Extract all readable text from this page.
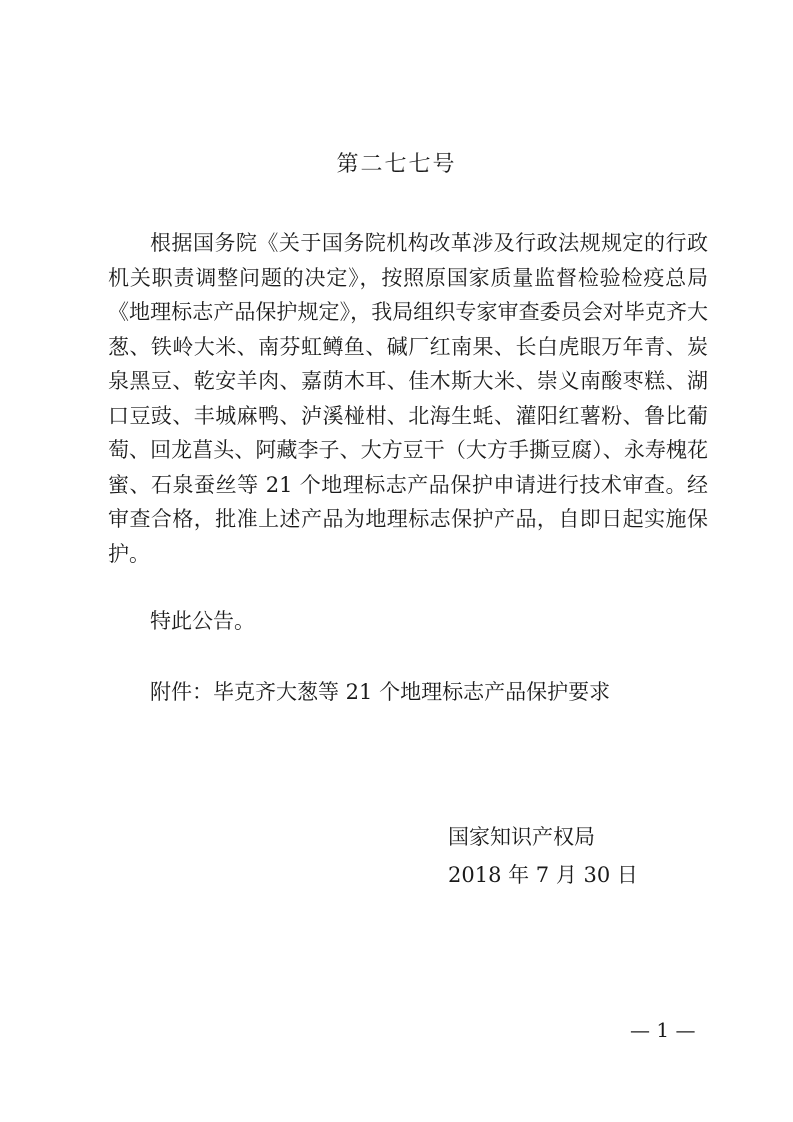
第二七七号

根据国务院《关于国务院机构改革涉及行政法规规定的行政机关职责调整问题的决定》，按照原国家质量监督检验检疫总局《地理标志产品保护规定》，我局组织专家审查委员会对毕克齐大葱、铁岭大米、南芬虹鳟鱼、碱厂红南果、长白虎眼万年青、炭泉黑豆、乾安羊肉、嘉荫木耳、佳木斯大米、崇义南酸枣糕、湖口豆豉、丰城麻鸭、泸溪椪柑、北海生蚝、灌阳红薯粉、鲁比葡萄、回龙菖头、阿藏李子、大方豆干（大方手撕豆腐）、永寿槐花蜜、石泉蚕丝等 21 个地理标志产品保护申请进行技术审查。经审查合格，批准上述产品为地理标志保护产品，自即日起实施保护。

特此公告。
附件：毕克齐大葱等 21 个地理标志产品保护要求
国家知识产权局
2018 年 7 月 30 日
— 1 —
